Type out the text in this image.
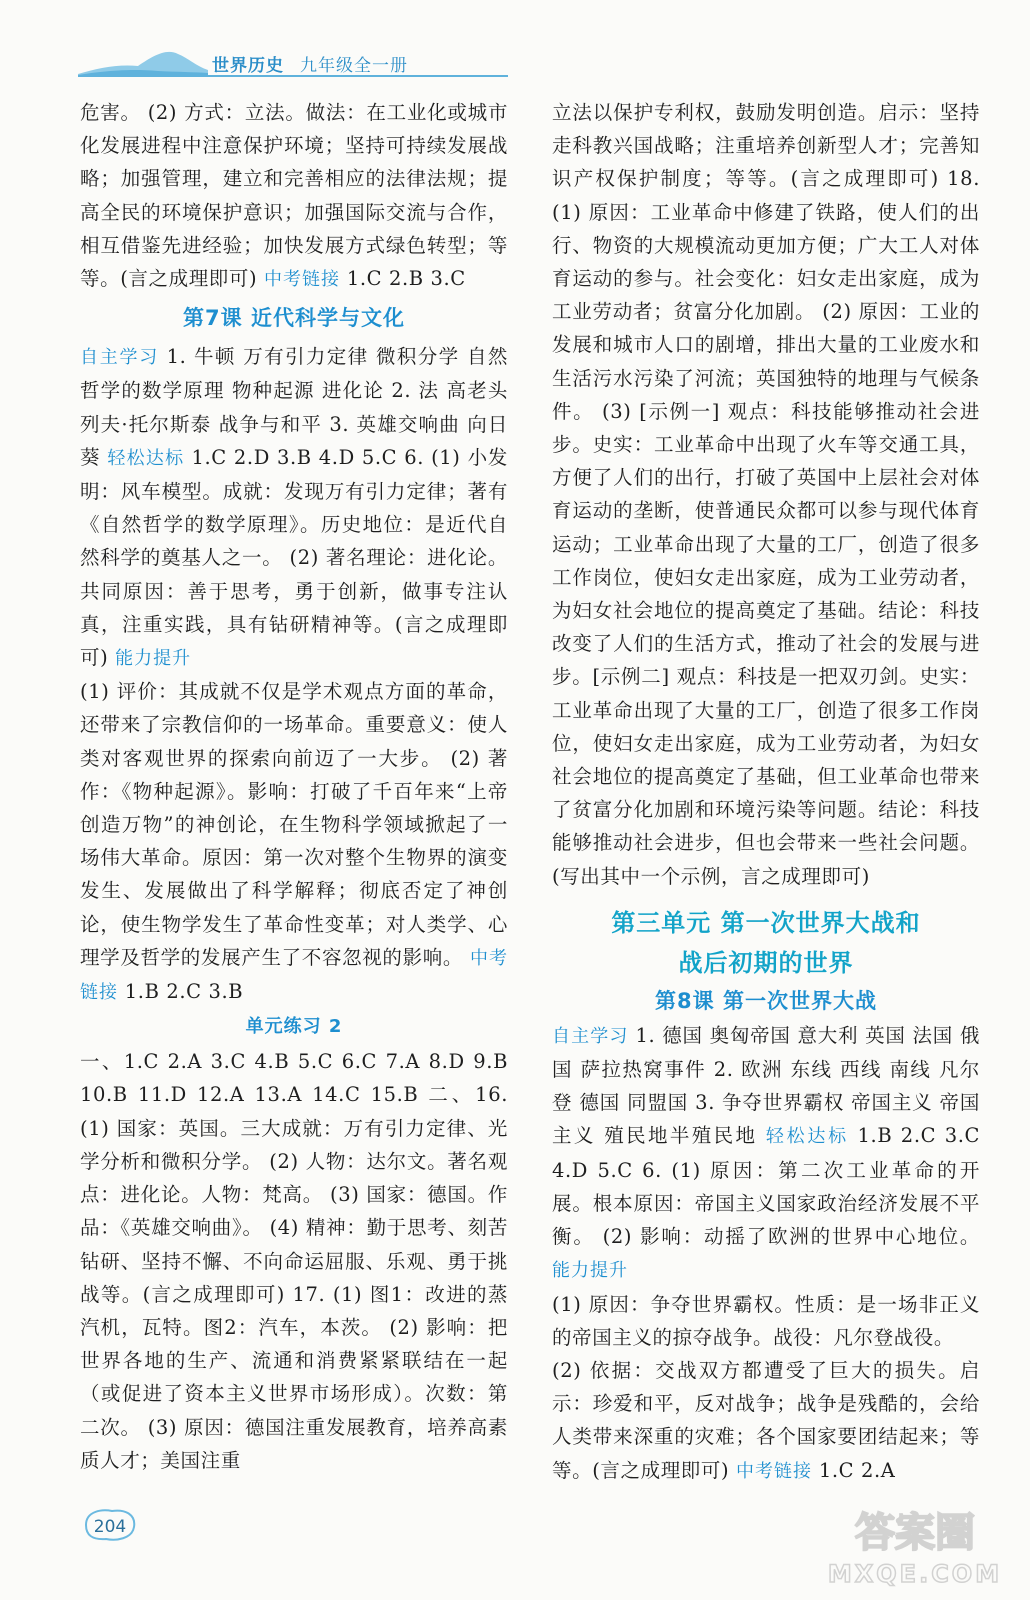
世界历史 九年级全一册

危害。 (2) 方式：立法。做法：在工业化或城市化发展进程中注意保护环境；坚持可持续发展战略；加强管理，建立和完善相应的法律法规；提高全民的环境保护意识；加强国际交流与合作，相互借鉴先进经验；加快发展方式绿色转型；等等。(言之成理即可) 中考链接 1.C 2.B 3.C

第7课 近代科学与文化

自主学习 1. 牛顿 万有引力定律 微积分学 自然哲学的数学原理 物种起源 进化论 2. 法 高老头 列夫·托尔斯泰 战争与和平 3. 英雄交响曲 向日葵 轻松达标 1.C 2.D 3.B 4.D 5.C 6. (1) 小发明：风车模型。成就：发现万有引力定律；著有《自然哲学的数学原理》。历史地位：是近代自然科学的奠基人之一。 (2) 著名理论：进化论。共同原因：善于思考，勇于创新，做事专注认真，注重实践，具有钻研精神等。(言之成理即可) 能力提升

(1) 评价：其成就不仅是学术观点方面的革命，还带来了宗教信仰的一场革命。重要意义：使人类对客观世界的探索向前迈了一大步。 (2) 著作：《物种起源》。影响：打破了千百年来“上帝创造万物”的神创论，在生物科学领域掀起了一场伟大革命。原因：第一次对整个生物界的演变发生、发展做出了科学解释；彻底否定了神创论，使生物学发生了革命性变革；对人类学、心理学及哲学的发展产生了不容忽视的影响。 中考链接 1.B 2.C 3.B

单元练习 2

一、1.C 2.A 3.C 4.B 5.C 6.C 7.A 8.D 9.B 10.B 11.D 12.A 13.A 14.C 15.B 二、16. (1) 国家：英国。三大成就：万有引力定律、光学分析和微积分学。 (2) 人物：达尔文。著名观点：进化论。人物：梵高。 (3) 国家：德国。作品：《英雄交响曲》。 (4) 精神：勤于思考、刻苦钻研、坚持不懈、不向命运屈服、乐观、勇于挑战等。(言之成理即可) 17. (1) 图1：改进的蒸汽机，瓦特。图2：汽车，本茨。 (2) 影响：把世界各地的生产、流通和消费紧紧联结在一起（或促进了资本主义世界市场形成）。次数：第二次。 (3) 原因：德国注重发展教育，培养高素质人才；美国注重

立法以保护专利权，鼓励发明创造。启示：坚持走科教兴国战略；注重培养创新型人才；完善知识产权保护制度；等等。(言之成理即可) 18. (1) 原因：工业革命中修建了铁路，使人们的出行、物资的大规模流动更加方便；广大工人对体育运动的参与。社会变化：妇女走出家庭，成为工业劳动者；贫富分化加剧。 (2) 原因：工业的发展和城市人口的剧增，排出大量的工业废水和生活污水污染了河流；英国独特的地理与气候条件。 (3) [示例一] 观点：科技能够推动社会进步。史实：工业革命中出现了火车等交通工具，方便了人们的出行，打破了英国中上层社会对体育运动的垄断，使普通民众都可以参与现代体育运动；工业革命出现了大量的工厂，创造了很多工作岗位，使妇女走出家庭，成为工业劳动者，为妇女社会地位的提高奠定了基础。结论：科技改变了人们的生活方式，推动了社会的发展与进步。[示例二] 观点：科技是一把双刃剑。史实：工业革命出现了大量的工厂，创造了很多工作岗位，使妇女走出家庭，成为工业劳动者，为妇女社会地位的提高奠定了基础，但工业革命也带来了贫富分化加剧和环境污染等问题。结论：科技能够推动社会进步，但也会带来一些社会问题。(写出其中一个示例，言之成理即可)

第三单元 第一次世界大战和
战后初期的世界
第8课 第一次世界大战

自主学习 1. 德国 奥匈帝国 意大利 英国 法国 俄国 萨拉热窝事件 2. 欧洲 东线 西线 南线 凡尔登 德国 同盟国 3. 争夺世界霸权 帝国主义 帝国主义 殖民地半殖民地 轻松达标 1.B 2.C 3.C 4.D 5.C 6. (1) 原因：第二次工业革命的开展。根本原因：帝国主义国家政治经济发展不平衡。 (2) 影响：动摇了欧洲的世界中心地位。 能力提升

(1) 原因：争夺世界霸权。性质：是一场非正义的帝国主义的掠夺战争。战役：凡尔登战役。

(2) 依据：交战双方都遭受了巨大的损失。启示：珍爱和平，反对战争；战争是残酷的，会给人类带来深重的灾难；各个国家要团结起来；等等。(言之成理即可) 中考链接 1.C 2.A

204	答案圈
MXQE.COM
